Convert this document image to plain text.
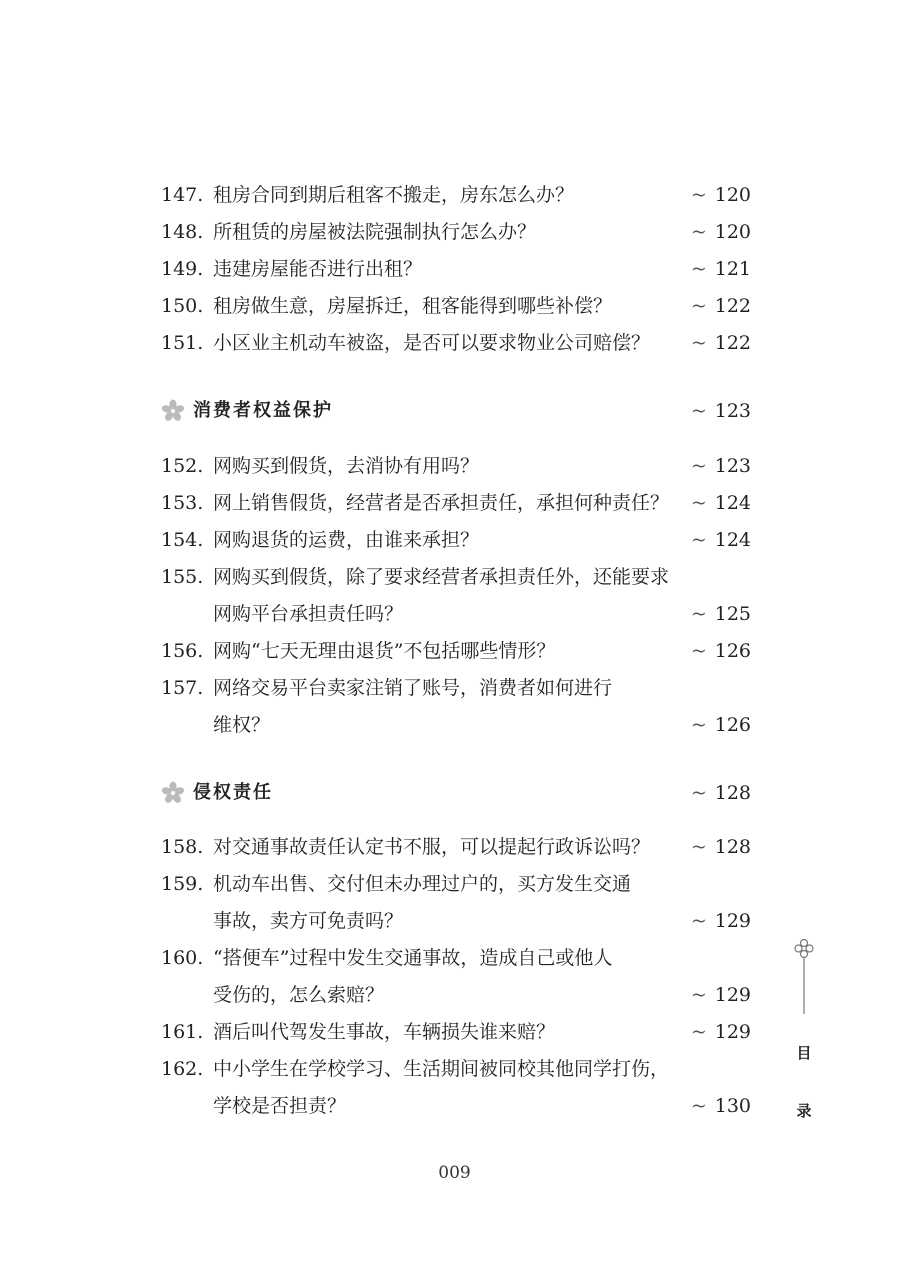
147. 租房合同到期后租客不搬走，房东怎么办？	~ 120
148. 所租赁的房屋被法院强制执行怎么办？	~ 120
149. 违建房屋能否进行出租？	~ 121
150. 租房做生意，房屋拆迁，租客能得到哪些补偿？	~ 122
151. 小区业主机动车被盗，是否可以要求物业公司赔偿？ ~ 122
消费者权益保护	~ 123
152. 网购买到假货，去消协有用吗？	~ 123
153. 网上销售假货，经营者是否承担责任，承担何种责任？ ~ 124
154. 网购退货的运费，由谁来承担？	~ 124
155. 网购买到假货，除了要求经营者承担责任外，还能要求
网购平台承担责任吗？	~ 125
156. 网购“七天无理由退货”不包括哪些情形？	~ 126
157. 网络交易平台卖家注销了账号，消费者如何进行
维权？	~ 126
侵权责任	~ 128
158. 对交通事故责任认定书不服，可以提起行政诉讼吗？ ~ 128
159. 机动车出售、交付但未办理过户的，买方发生交通
事故，卖方可免责吗？	~ 129
160. “搭便车”过程中发生交通事故，造成自己或他人
受伤的，怎么索赔？	~ 129
161. 酒后叫代驾发生事故，车辆损失谁来赔？	~ 129
162. 中小学生在学校学习、生活期间被同校其他同学打伤，
学校是否担责？	~ 130
目
录
009
